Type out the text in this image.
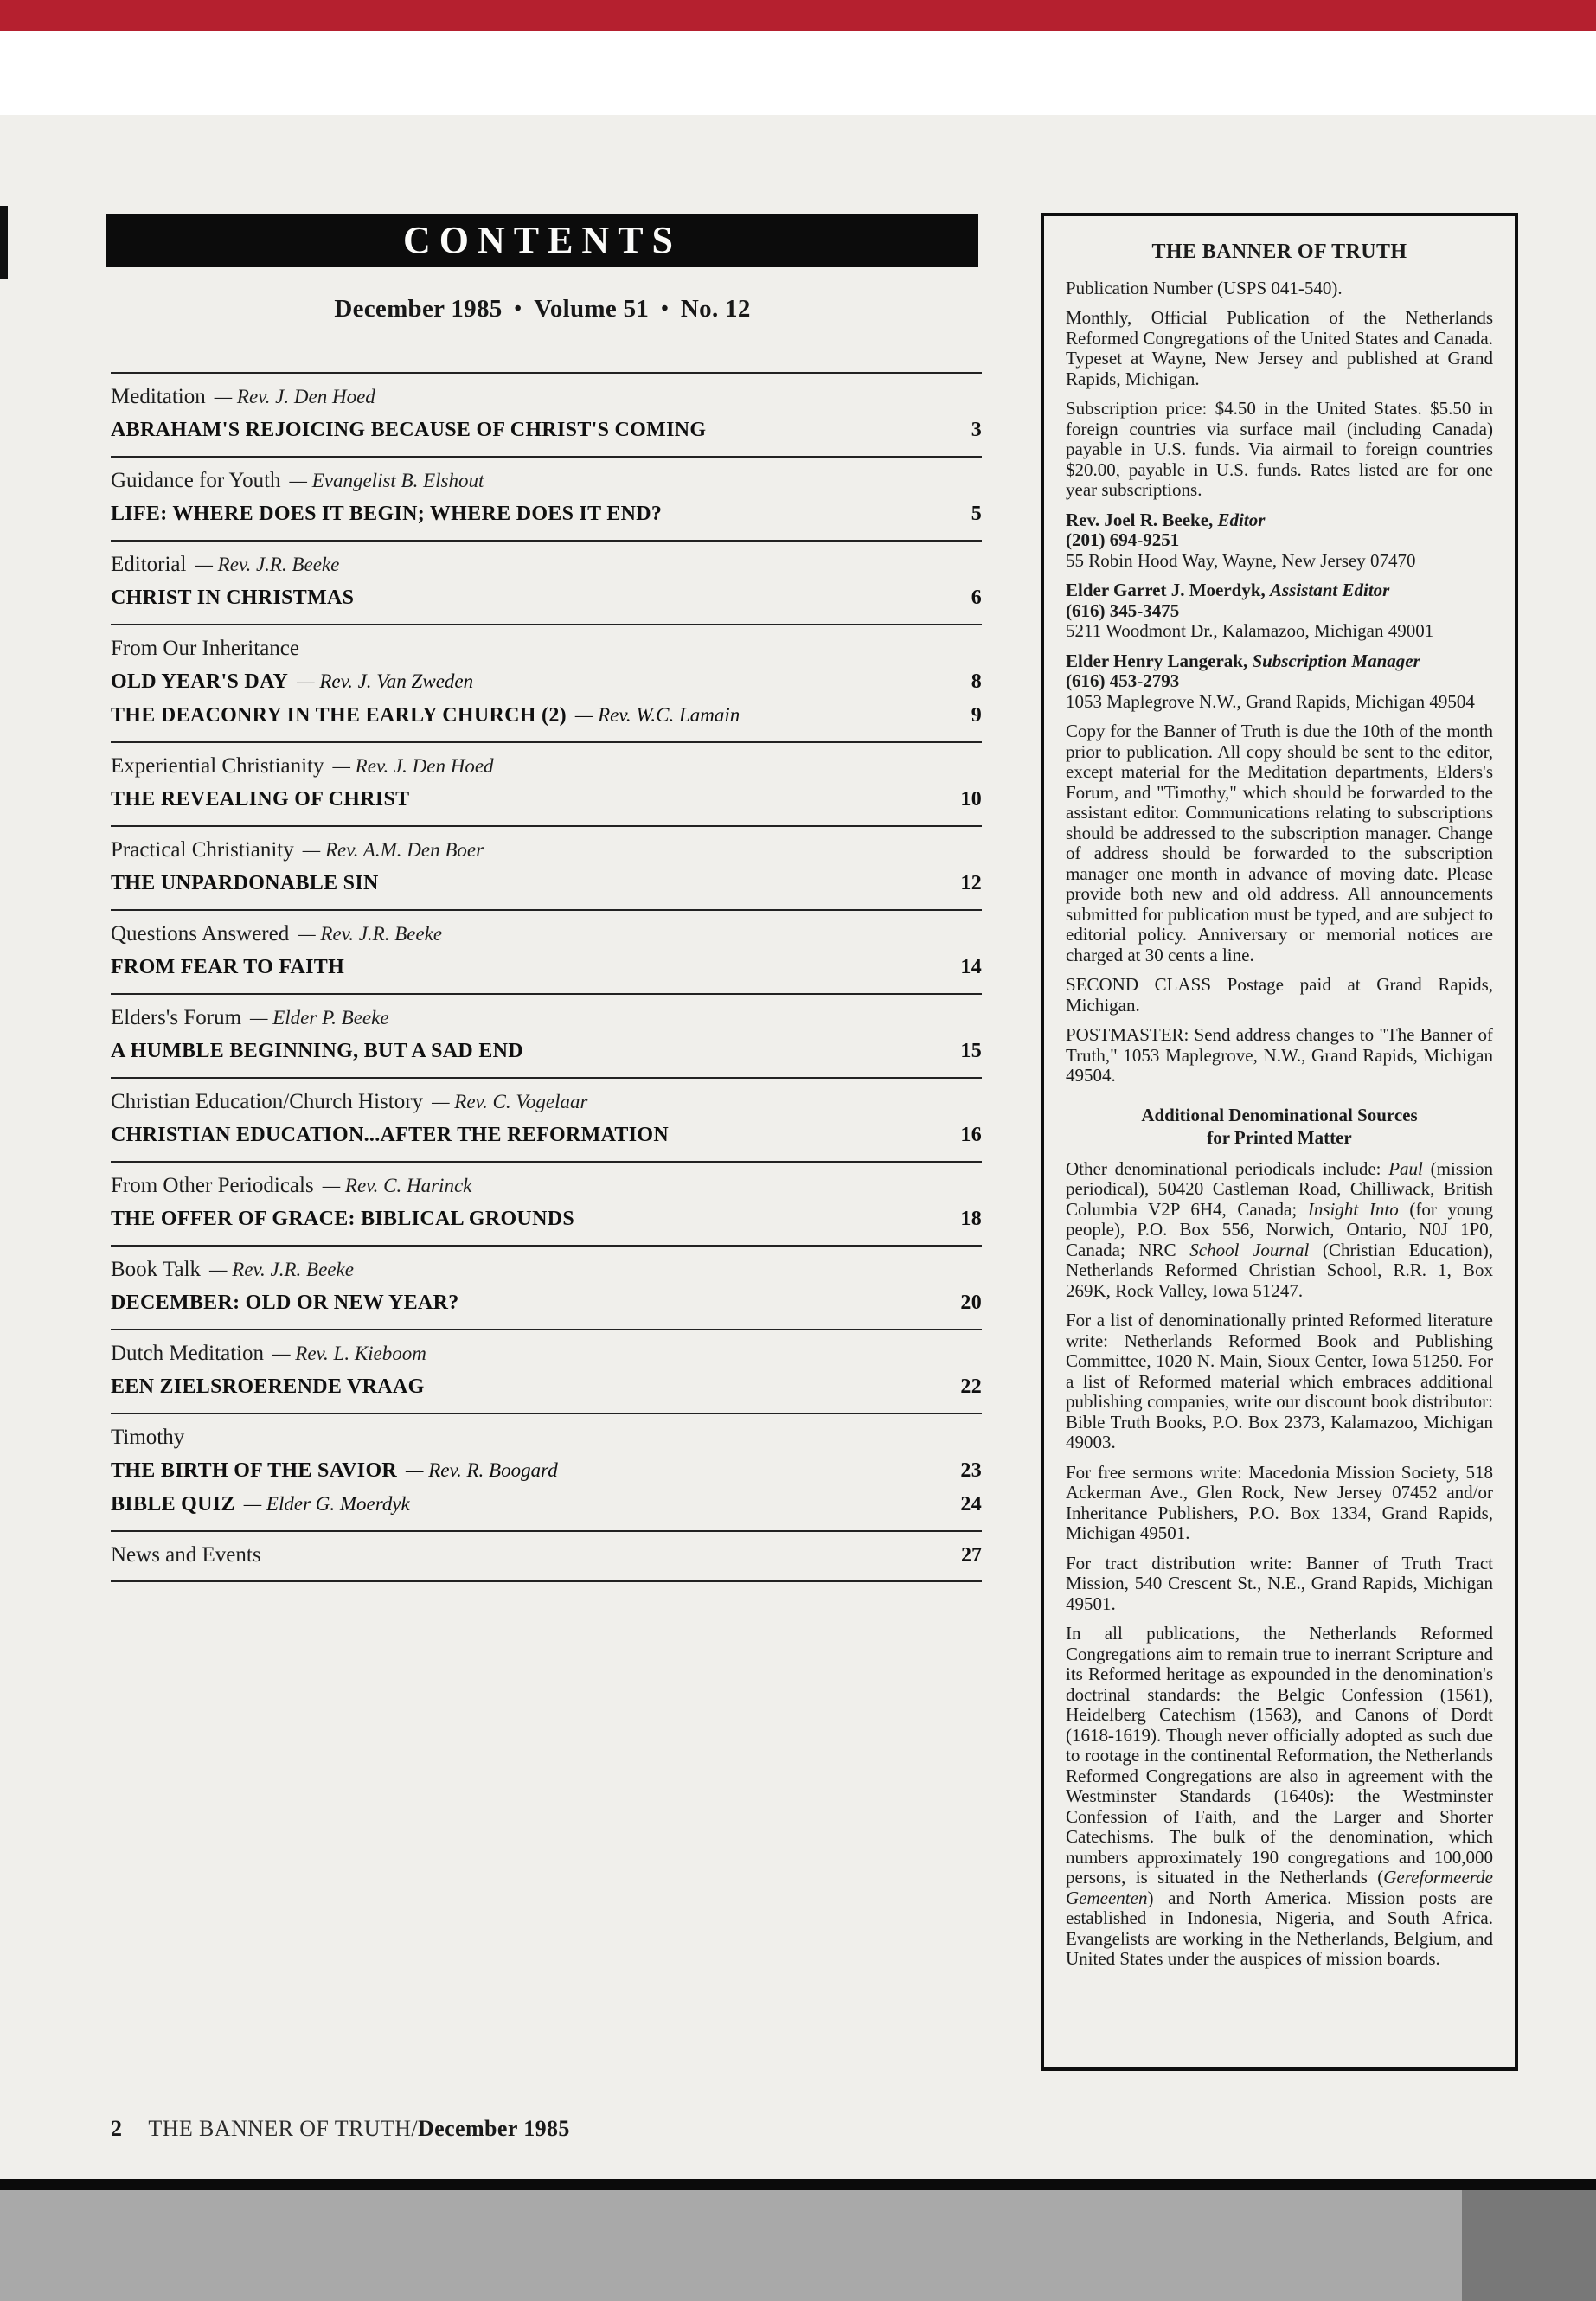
CONTENTS
December 1985 • Volume 51 • No. 12
Meditation — Rev. J. Den Hoed
ABRAHAM'S REJOICING BECAUSE OF CHRIST'S COMING	3
Guidance for Youth — Evangelist B. Elshout
LIFE: WHERE DOES IT BEGIN; WHERE DOES IT END?	5
Editorial — Rev. J.R. Beeke
CHRIST IN CHRISTMAS	6
From Our Inheritance
OLD YEAR'S DAY — Rev. J. Van Zweden	8
THE DEACONRY IN THE EARLY CHURCH (2) — Rev. W.C. Lamain	9
Experiential Christianity — Rev. J. Den Hoed
THE REVEALING OF CHRIST	10
Practical Christianity — Rev. A.M. Den Boer
THE UNPARDONABLE SIN	12
Questions Answered — Rev. J.R. Beeke
FROM FEAR TO FAITH	14
Elders's Forum — Elder P. Beeke
A HUMBLE BEGINNING, BUT A SAD END	15
Christian Education/Church History — Rev. C. Vogelaar
CHRISTIAN EDUCATION...AFTER THE REFORMATION	16
From Other Periodicals — Rev. C. Harinck
THE OFFER OF GRACE: BIBLICAL GROUNDS	18
Book Talk — Rev. J.R. Beeke
DECEMBER: OLD OR NEW YEAR?	20
Dutch Meditation — Rev. L. Kieboom
EEN ZIELSROERENDE VRAAG	22
Timothy
THE BIRTH OF THE SAVIOR — Rev. R. Boogard	23
BIBLE QUIZ — Elder G. Moerdyk	24
News and Events	27
THE BANNER OF TRUTH

Publication Number (USPS 041-540).

Monthly, Official Publication of the Netherlands Reformed Congregations of the United States and Canada. Typeset at Wayne, New Jersey and published at Grand Rapids, Michigan.

Subscription price: $4.50 in the United States. $5.50 in foreign countries via surface mail (including Canada) payable in U.S. funds. Via airmail to foreign countries $20.00, payable in U.S. funds. Rates listed are for one year subscriptions.

Rev. Joel R. Beeke, Editor
(201) 694-9251
55 Robin Hood Way, Wayne, New Jersey 07470
Elder Garret J. Moerdyk, Assistant Editor
(616) 345-3475
5211 Woodmont Dr., Kalamazoo, Michigan 49001
Elder Henry Langerak, Subscription Manager
(616) 453-2793
1053 Maplegrove N.W., Grand Rapids, Michigan 49504

Copy for the Banner of Truth is due the 10th of the month prior to publication. All copy should be sent to the editor, except material for the Meditation departments, Elders's Forum, and "Timothy," which should be forwarded to the assistant editor. Communications relating to subscriptions should be addressed to the subscription manager. Change of address should be forwarded to the subscription manager one month in advance of moving date. Please provide both new and old address. All announcements submitted for publication must be typed, and are subject to editorial policy. Anniversary or memorial notices are charged at 30 cents a line.

SECOND CLASS Postage paid at Grand Rapids, Michigan.

POSTMASTER: Send address changes to "The Banner of Truth," 1053 Maplegrove, N.W., Grand Rapids, Michigan 49504.

Additional Denominational Sources
for Printed Matter

Other denominational periodicals include: Paul (mission periodical), 50420 Castleman Road, Chilliwack, British Columbia V2P 6H4, Canada; Insight Into (for young people), P.O. Box 556, Norwich, Ontario, N0J 1P0, Canada; NRC School Journal (Christian Education), Netherlands Reformed Christian School, R.R. 1, Box 269K, Rock Valley, Iowa 51247.

For a list of denominationally printed Reformed literature write: Netherlands Reformed Book and Publishing Committee, 1020 N. Main, Sioux Center, Iowa 51250. For a list of Reformed material which embraces additional publishing companies, write our discount book distributor: Bible Truth Books, P.O. Box 2373, Kalamazoo, Michigan 49003.

For free sermons write: Macedonia Mission Society, 518 Ackerman Ave., Glen Rock, New Jersey 07452 and/or Inheritance Publishers, P.O. Box 1334, Grand Rapids, Michigan 49501.

For tract distribution write: Banner of Truth Tract Mission, 540 Crescent St., N.E., Grand Rapids, Michigan 49501.

In all publications, the Netherlands Reformed Congregations aim to remain true to inerrant Scripture and its Reformed heritage as expounded in the denomination's doctrinal standards: the Belgic Confession (1561), Heidelberg Catechism (1563), and Canons of Dordt (1618-1619). Though never officially adopted as such due to rootage in the continental Reformation, the Netherlands Reformed Congregations are also in agreement with the Westminster Standards (1640s): the Westminster Confession of Faith, and the Larger and Shorter Catechisms. The bulk of the denomination, which numbers approximately 190 congregations and 100,000 persons, is situated in the Netherlands (Gereformeerde Gemeenten) and North America. Mission posts are established in Indonesia, Nigeria, and South Africa. Evangelists are working in the Netherlands, Belgium, and United States under the auspices of mission boards.

2 THE BANNER OF TRUTH/December 1985
